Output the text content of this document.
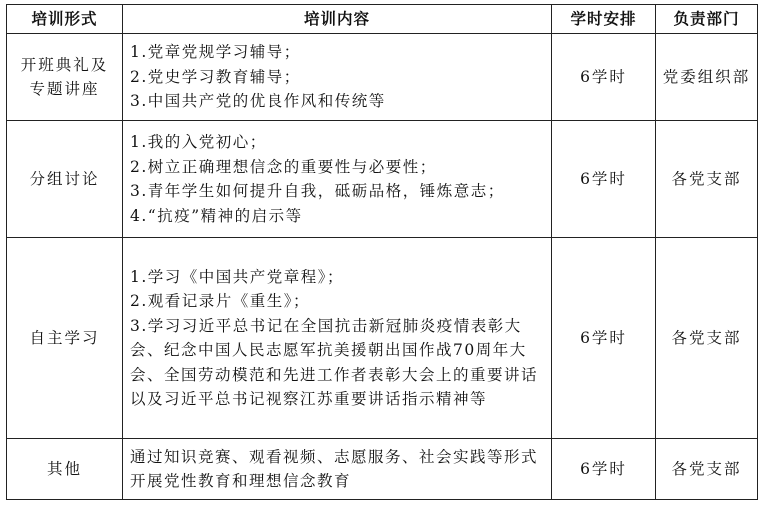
培训形式	培训内容	学时安排	负责部门

开班典礼及专题讲座	1.党章党规学习辅导；
2.党史学习教育辅导；
3.中国共产党的优良作风和传统等	6学时	党委组织部

分组讨论	1.我的入党初心；
2.树立正确理想信念的重要性与必要性；
3.青年学生如何提升自我，砥砺品格，锤炼意志；
4.“抗疫”精神的启示等	6学时	各党支部
自主学习	1.学习《中国共产党章程》；
2.观看记录片《重生》；
3.学习习近平总书记在全国抗击新冠肺炎疫情表彰大会、纪念中国人民志愿军抗美援朝出国作战70周年大会、全国劳动模范和先进工作者表彰大会上的重要讲话以及习近平总书记视察江苏重要讲话指示精神等	6学时	各党支部
其他	通过知识竞赛、观看视频、志愿服务、社会实践等形式开展党性教育和理想信念教育	6学时	各党支部
